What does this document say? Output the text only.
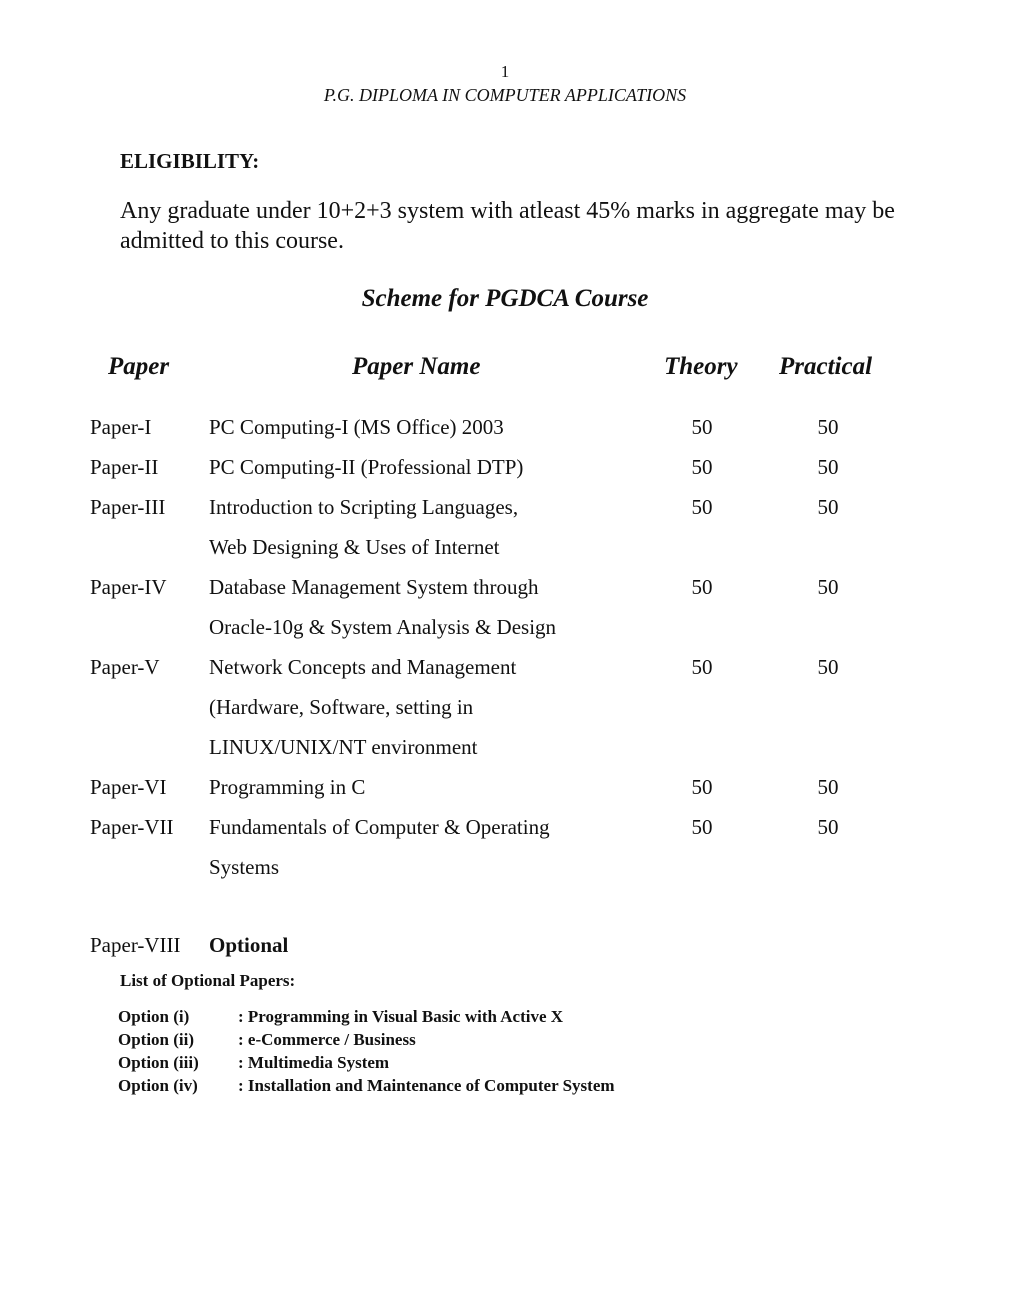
1
P.G. DIPLOMA IN COMPUTER APPLICATIONS
ELIGIBILITY:
Any graduate under 10+2+3 system with atleast 45% marks in aggregate may be admitted to this course.
Scheme for PGDCA Course
Paper	Paper Name	Theory Practical
Paper-I	PC Computing-I (MS Office) 2003	50		50
Paper-II	PC Computing-II (Professional DTP)	50		50
Paper-III	Introduction to Scripting Languages,
Web Designing & Uses of Internet	50		50
Paper-IV	Database Management System through
Oracle-10g & System Analysis & Design	50		50
Paper-V	Network Concepts and Management
(Hardware, Software, setting in
LINUX/UNIX/NT environment	50		50
Paper-VI	Programming in C	50		50
Paper-VII	Fundamentals of Computer & Operating
Systems	50		50
Paper-VIII Optional
List of Optional Papers:
Option (i)	: Programming in Visual Basic with Active X
Option (ii)	: e-Commerce / Business
Option (iii)	: Multimedia System
Option (iv)	: Installation and Maintenance of Computer System
